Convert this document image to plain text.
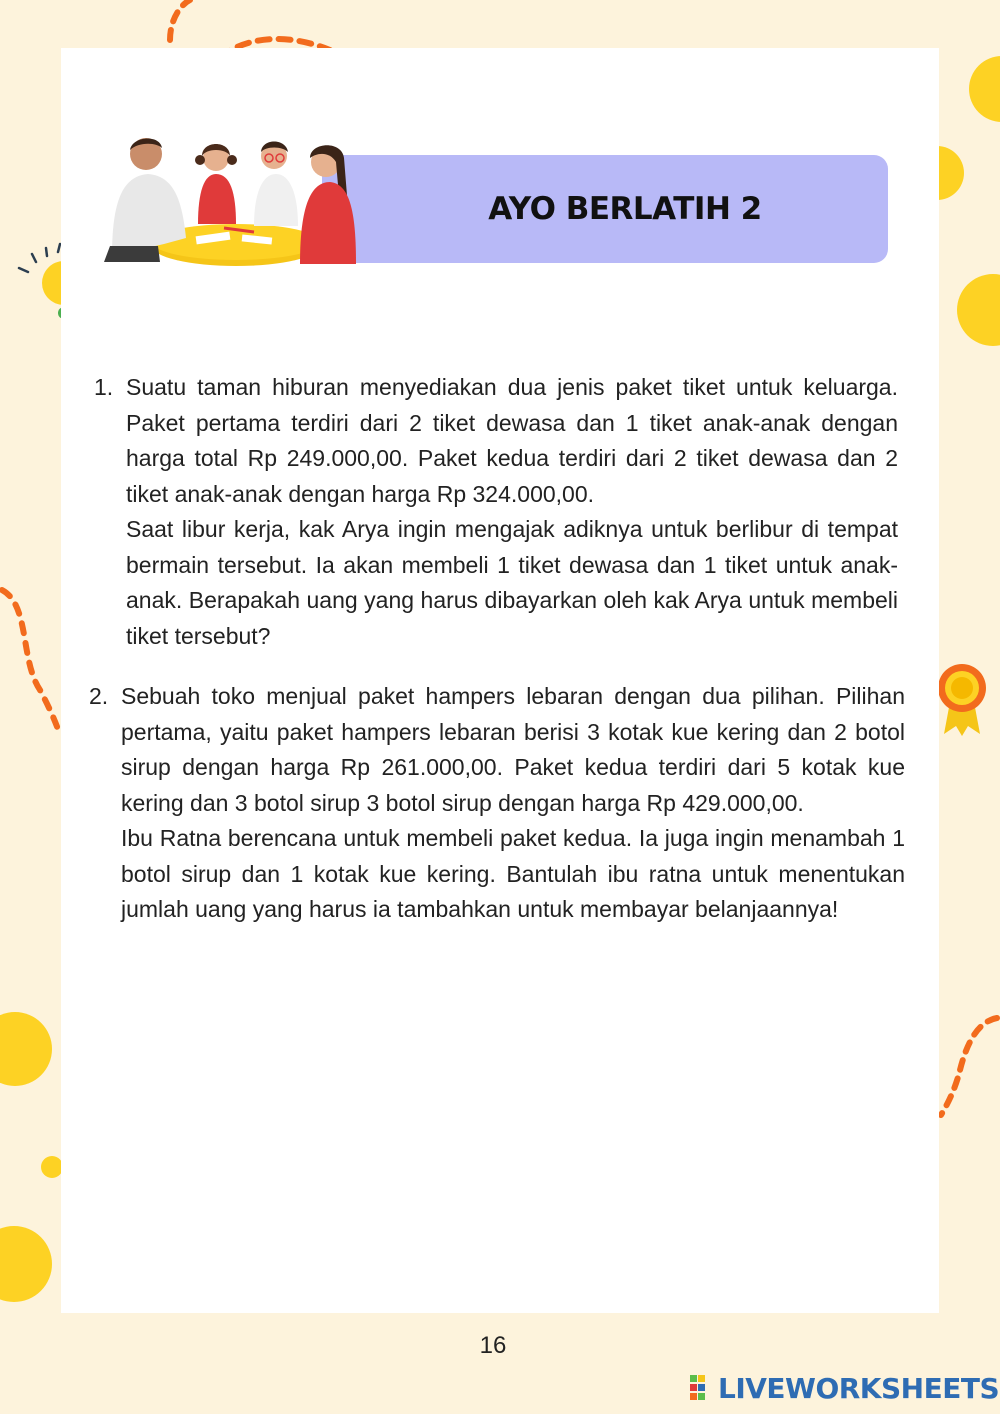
AYO BERLATIH 2
1. Suatu taman hiburan menyediakan dua jenis paket tiket untuk keluarga. Paket pertama terdiri dari 2 tiket dewasa dan 1 tiket anak-anak dengan harga total Rp 249.000,00. Paket kedua terdiri dari 2 tiket dewasa dan 2 tiket anak-anak dengan harga Rp 324.000,00.

Saat libur kerja, kak Arya ingin mengajak adiknya untuk berlibur di tempat bermain tersebut. Ia akan membeli 1 tiket dewasa dan 1 tiket untuk anak-anak. Berapakah uang yang harus dibayarkan oleh kak Arya untuk membeli tiket tersebut?

2. Sebuah toko menjual paket hampers lebaran dengan dua pilihan. Pilihan pertama, yaitu paket hampers lebaran berisi 3 kotak kue kering dan 2 botol sirup dengan harga Rp 261.000,00. Paket kedua terdiri dari 5 kotak kue kering dan 3 botol sirup 3 botol sirup dengan harga Rp 429.000,00.

Ibu Ratna berencana untuk membeli paket kedua. Ia juga ingin menambah 1 botol sirup dan 1 kotak kue kering. Bantulah ibu ratna untuk menentukan jumlah uang yang harus ia tambahkan untuk membayar belanjaannya!

16
LIVEWORKSHEETS
